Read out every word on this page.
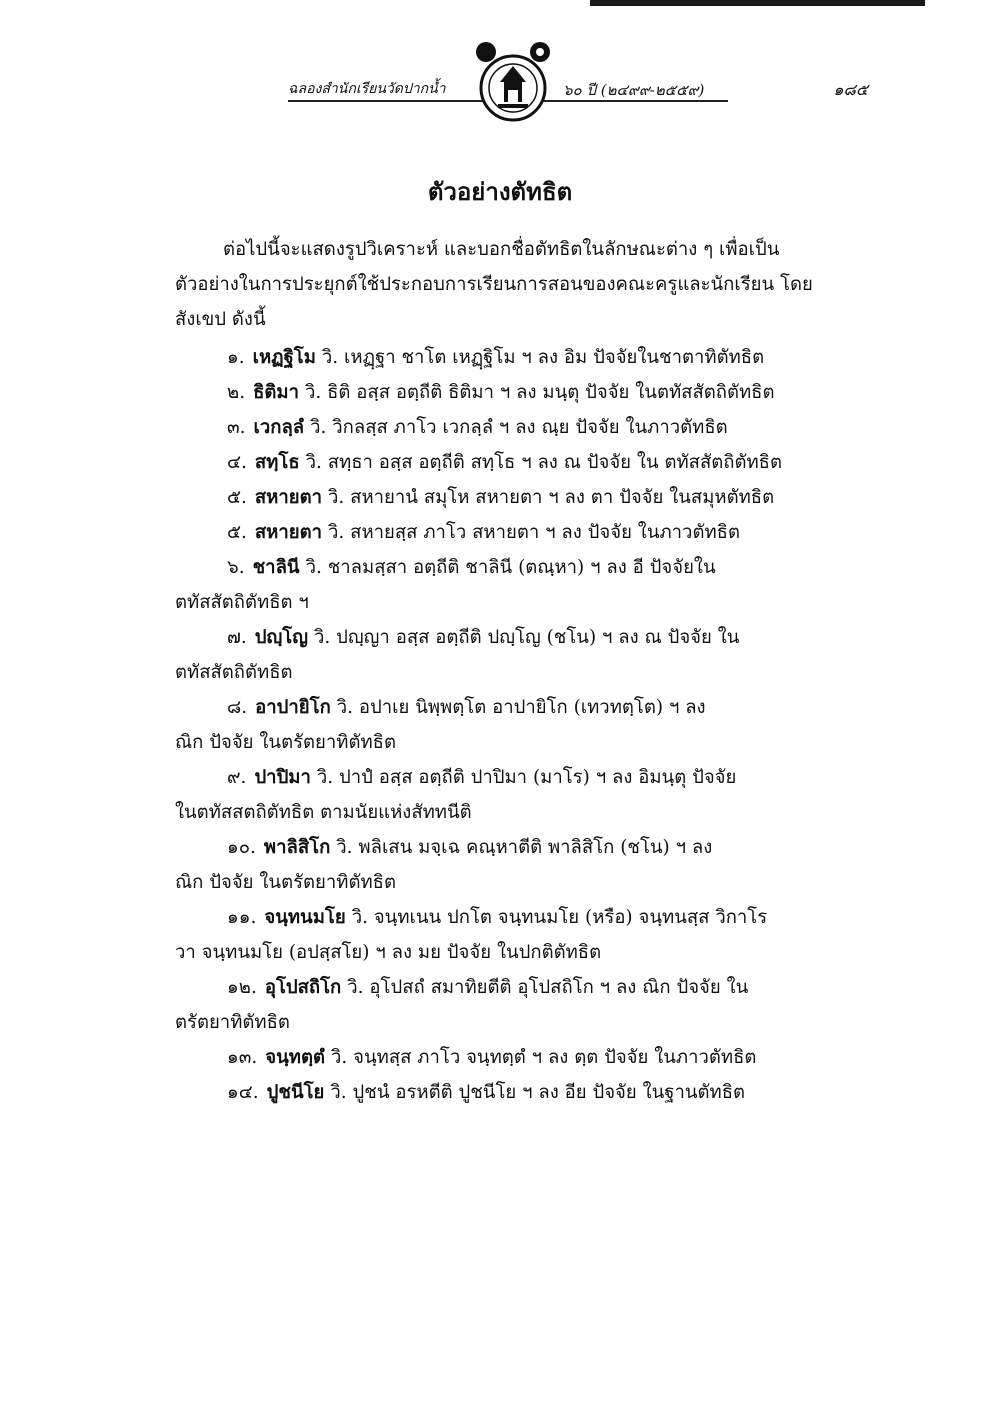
ฉลองสำนักเรียนวัดปากน้ำ	๖๐ ปี (๒๔๙๙-๒๕๕๙)	๑๘๕
ตัวอย่างตัทธิต
ต่อไปนี้จะแสดงรูปวิเคราะห์ และบอกชื่อตัทธิตในลักษณะต่าง ๆ เพื่อเป็น
ตัวอย่างในการประยุกต์ใช้ประกอบการเรียนการสอนของคณะครูและนักเรียน โดย
สังเขป ดังนี้
๑. เหฏฐิโม วิ. เหฏฺฐา ชาโต เหฏฺฐิโม ฯ ลง อิม ปัจจัยในชาตาทิตัทธิต
๒. ธิติมา วิ. ธิติ อสฺส อตฺถีติ ธิติมา ฯ ลง มนฺตุ ปัจจัย ในตทัสสัตถิตัทธิต
๓. เวกลฺลํ วิ. วิกลสฺส ภาโว เวกลฺลํ ฯ ลง ณฺย ปัจจัย ในภาวตัทธิต
๔. สทฺโธ วิ. สทฺธา อสฺส อตฺถีติ สทฺโธ ฯ ลง ณ ปัจจัย ใน ตทัสสัตถิตัทธิต
๕. สหายตา วิ. สหายานํ สมุโห สหายตา ฯ ลง ตา ปัจจัย ในสมุหตัทธิต
๕. สหายตา วิ. สหายสฺส ภาโว สหายตา ฯ ลง ปัจจัย ในภาวตัทธิต
๖. ชาลินี วิ. ชาลมสฺสา อตฺถีติ ชาลินี (ตณฺหา) ฯ ลง อี ปัจจัยใน
ตทัสสัตถิตัทธิต ฯ
๗. ปญฺโญ วิ. ปญฺญา อสฺส อตฺถีติ ปญฺโญ (ชโน) ฯ ลง ณ ปัจจัย ใน
ตทัสสัตถิตัทธิต
๘. อาปายิโก วิ. อปาเย นิพฺพตฺโต อาปายิโก (เทวทตฺโต) ฯ ลง
ณิก ปัจจัย ในตรัตยาทิตัทธิต
๙. ปาปิมา วิ. ปาปํ อสฺส อตฺถีติ ปาปิมา (มาโร) ฯ ลง อิมนฺตุ ปัจจัย
ในตทัสสตถิตัทธิต ตามนัยแห่งสัททนีติ
๑๐. พาลิสิโก วิ. พลิเสน มจฺเฉ คณฺหาตีติ พาลิสิโก (ชโน) ฯ ลง
ณิก ปัจจัย ในตรัตยาทิตัทธิต
๑๑. จนฺทนมโย วิ. จนฺทเนน ปกโต จนฺทนมโย (หรือ) จนฺทนสฺส วิกาโร
วา จนฺทนมโย (อปสฺสโย) ฯ ลง มย ปัจจัย ในปกติตัทธิต
๑๒. อุโปสถิโก วิ. อุโปสถํ สมาทิยตีติ อุโปสถิโก ฯ ลง ณิก ปัจจัย ใน
ตรัตยาทิตัทธิต
๑๓. จนฺทตฺตํ วิ. จนฺทสฺส ภาโว จนฺทตฺตํ ฯ ลง ตฺต ปัจจัย ในภาวตัทธิต
๑๔. ปูชนีโย วิ. ปูชนํ อรหตีติ ปูชนีโย ฯ ลง อีย ปัจจัย ในฐานตัทธิต
